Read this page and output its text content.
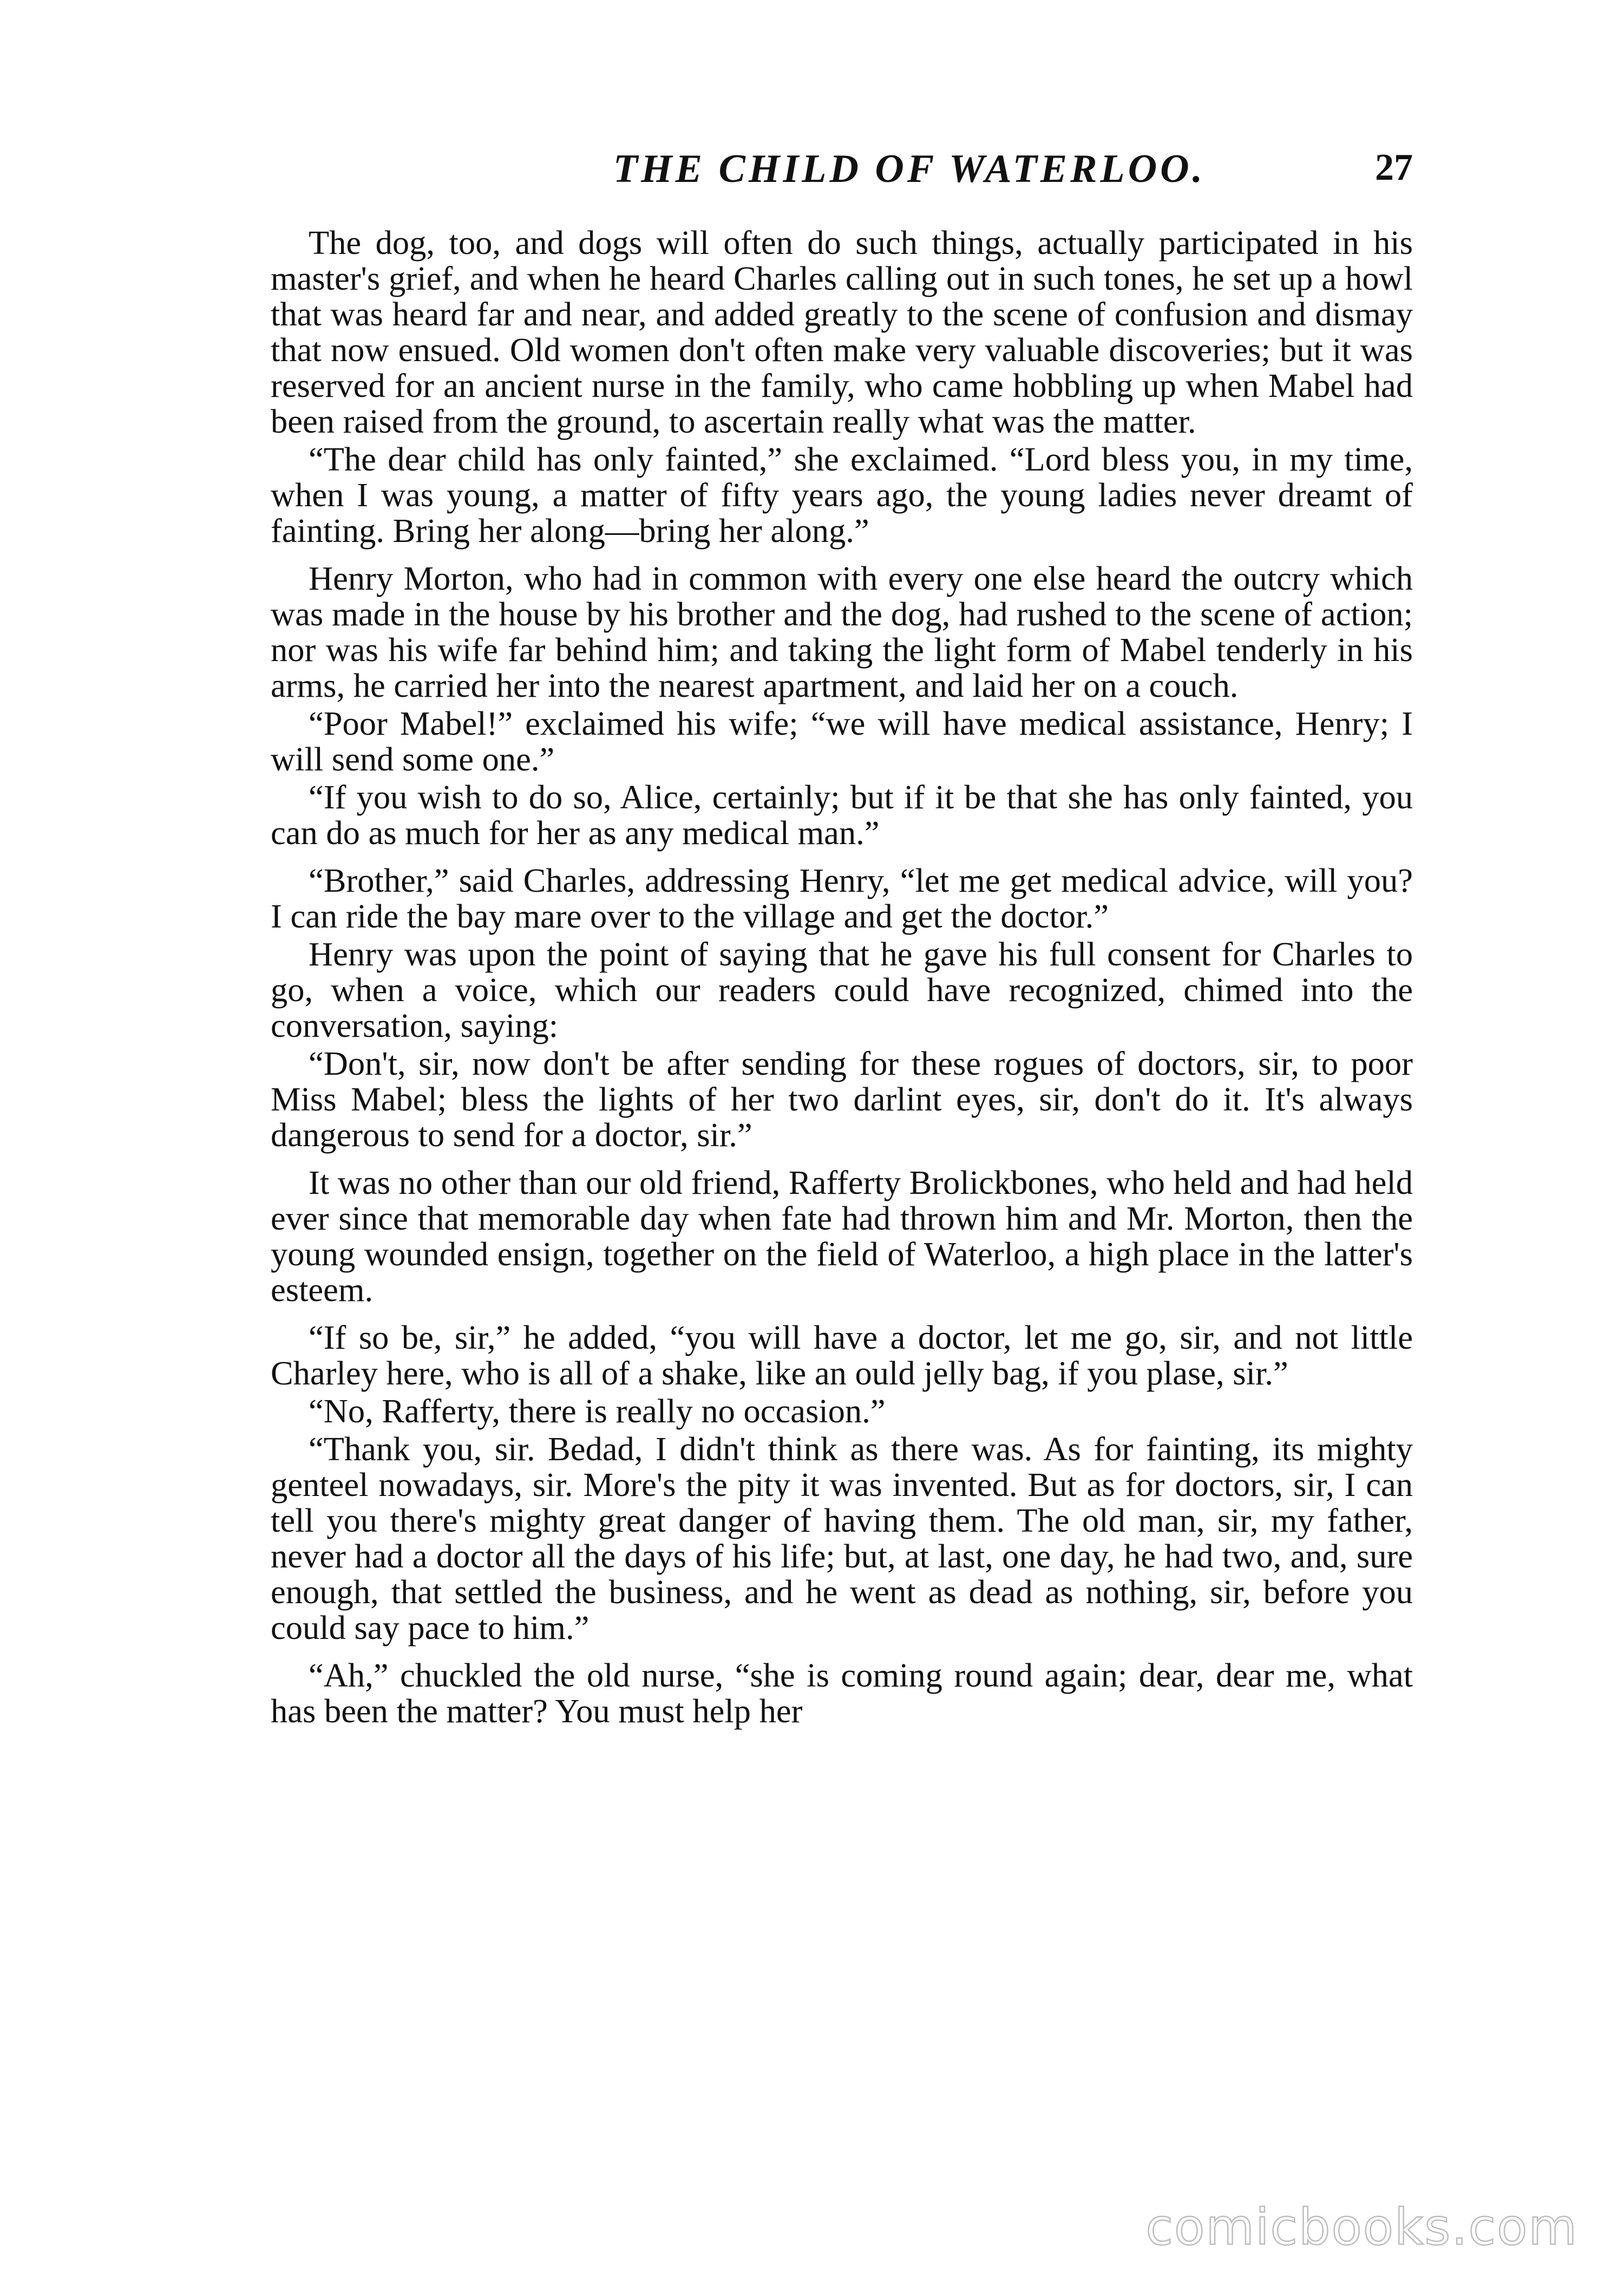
THE CHILD OF WATERLOO.	27

The dog, too, and dogs will often do such things, actually participated in his master's grief, and when he heard Charles calling out in such tones, he set up a howl that was heard far and near, and added greatly to the scene of confusion and dismay that now ensued. Old women don't often make very valuable discoveries; but it was reserved for an ancient nurse in the family, who came hobbling up when Mabel had been raised from the ground, to ascertain really what was the matter.

“The dear child has only fainted,” she exclaimed. “Lord bless you, in my time, when I was young, a matter of fifty years ago, the young ladies never dreamt of fainting. Bring her along—bring her along.”

Henry Morton, who had in common with every one else heard the outcry which was made in the house by his brother and the dog, had rushed to the scene of action; nor was his wife far behind him; and taking the light form of Mabel tenderly in his arms, he carried her into the nearest apartment, and laid her on a couch.

“Poor Mabel!” exclaimed his wife; “we will have medical assistance, Henry; I will send some one.”

“If you wish to do so, Alice, certainly; but if it be that she has only fainted, you can do as much for her as any medical man.”

“Brother,” said Charles, addressing Henry, “let me get medical advice, will you? I can ride the bay mare over to the village and get the doctor.”

Henry was upon the point of saying that he gave his full consent for Charles to go, when a voice, which our readers could have recognized, chimed into the conversation, saying:

“Don't, sir, now don't be after sending for these rogues of doctors, sir, to poor Miss Mabel; bless the lights of her two darlint eyes, sir, don't do it. It's always dangerous to send for a doctor, sir.”

It was no other than our old friend, Rafferty Brolickbones, who held and had held ever since that memorable day when fate had thrown him and Mr. Morton, then the young wounded ensign, together on the field of Waterloo, a high place in the latter's esteem.

“If so be, sir,” he added, “you will have a doctor, let me go, sir, and not little Charley here, who is all of a shake, like an ould jelly bag, if you plase, sir.”

“No, Rafferty, there is really no occasion.”

“Thank you, sir. Bedad, I didn't think as there was. As for fainting, its mighty genteel nowadays, sir. More's the pity it was invented. But as for doctors, sir, I can tell you there's mighty great danger of having them. The old man, sir, my father, never had a doctor all the days of his life; but, at last, one day, he had two, and, sure enough, that settled the business, and he went as dead as nothing, sir, before you could say pace to him.”

“Ah,” chuckled the old nurse, “she is coming round again; dear, dear me, what has been the matter? You must help her

comicbooks.com
